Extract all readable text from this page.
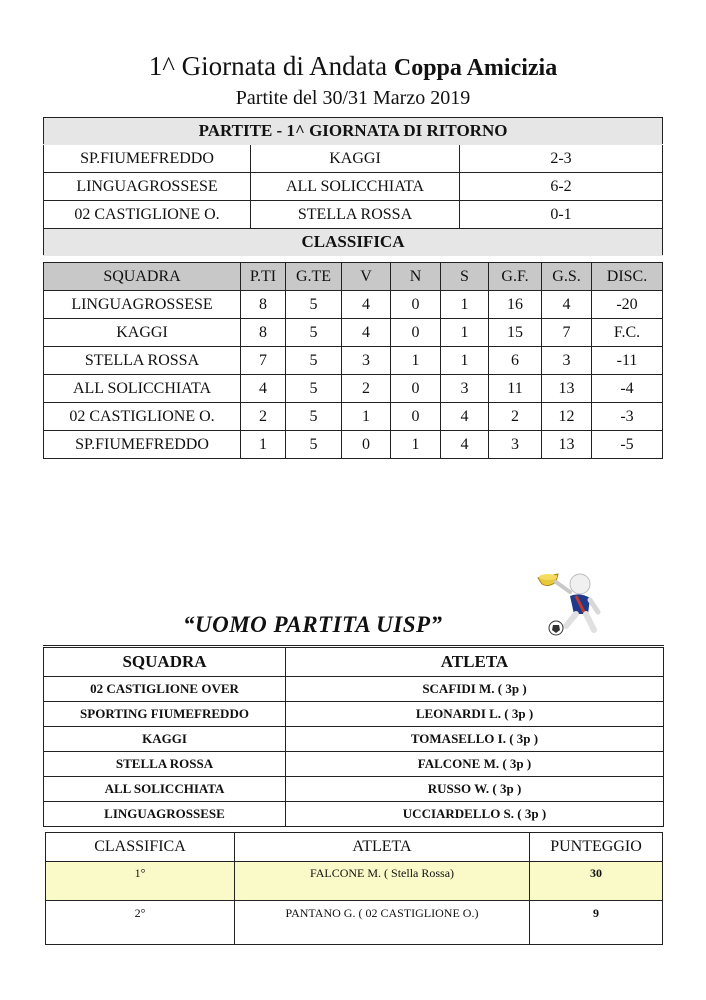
1^ Giornata di Andata Coppa Amicizia
Partite del 30/31 Marzo 2019
PARTITE - 1^ GIORNATA DI RITORNO		
SP.FIUMEFREDDO	KAGGI	2-3
LINGUAGROSSESE	ALL SOLICCHIATA	6-2
02 CASTIGLIONE O.	STELLA ROSSA	0-1
CLASSIFICA		
SQUADRA	P.TI	G.TE	V	N	S	G.F.	G.S.	DISC.
LINGUAGROSSESE	8	5	4	0	1	16	4	-20
KAGGI	8	5	4	0	1	15	7	F.C.
STELLA ROSSA	7	5	3	1	1	6	3	-11
ALL SOLICCHIATA	4	5	2	0	3	11	13	-4
02 CASTIGLIONE O.	2	5	1	0	4	2	12	-3
SP.FIUMEFREDDO	1	5	0	1	4	3	13	-5
“UOMO PARTITA UISP”
SQUADRA	ATLETA
02 CASTIGLIONE OVER	SCAFIDI M. ( 3p )
SPORTING FIUMEFREDDO	LEONARDI L. ( 3p )
KAGGI	TOMASELLO I. ( 3p )
STELLA ROSSA	FALCONE M. ( 3p )
ALL SOLICCHIATA	RUSSO W. ( 3p )
LINGUAGROSSESE	UCCIARDELLO S. ( 3p )
CLASSIFICA	ATLETA	PUNTEGGIO
1°	FALCONE M. ( Stella Rossa)	30
2°	PANTANO G. ( 02 CASTIGLIONE O.)	9
